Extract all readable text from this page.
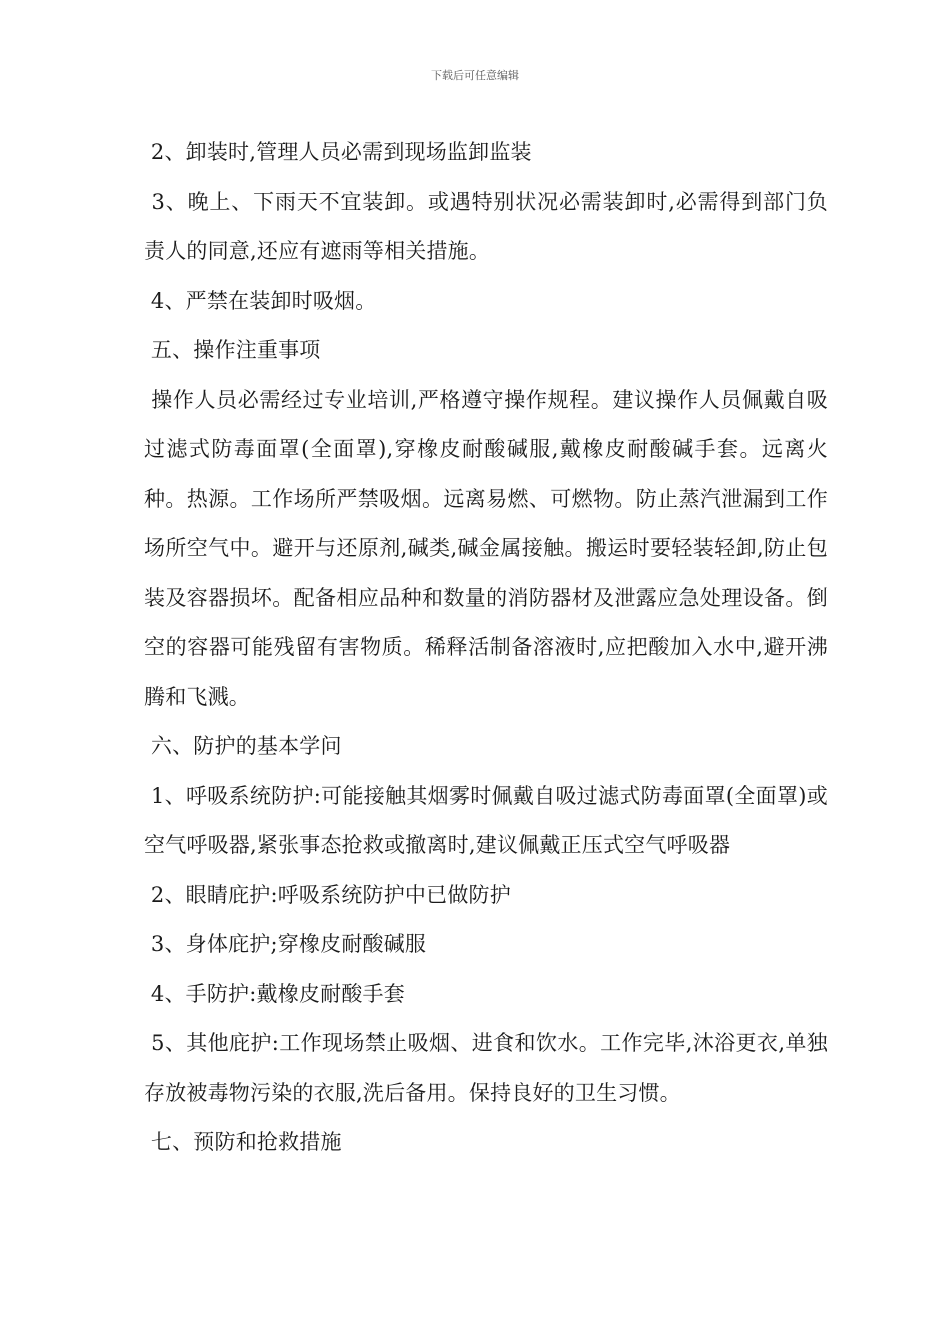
下载后可任意编辑

2、卸装时,管理人员必需到现场监卸监装

3、晚上、下雨天不宜装卸。或遇特别状况必需装卸时,必需得到部门负责人的同意,还应有遮雨等相关措施。

4、严禁在装卸时吸烟。

五、操作注重事项

操作人员必需经过专业培训,严格遵守操作规程。建议操作人员佩戴自吸过滤式防毒面罩(全面罩),穿橡皮耐酸碱服,戴橡皮耐酸碱手套。远离火种。热源。工作场所严禁吸烟。远离易燃、可燃物。防止蒸汽泄漏到工作场所空气中。避开与还原剂,碱类,碱金属接触。搬运时要轻装轻卸,防止包装及容器损坏。配备相应品种和数量的消防器材及泄露应急处理设备。倒空的容器可能残留有害物质。稀释活制备溶液时,应把酸加入水中,避开沸腾和飞溅。

六、防护的基本学问

1、呼吸系统防护:可能接触其烟雾时佩戴自吸过滤式防毒面罩(全面罩)或空气呼吸器,紧张事态抢救或撤离时,建议佩戴正压式空气呼吸器

2、眼睛庇护:呼吸系统防护中已做防护

3、身体庇护;穿橡皮耐酸碱服

4、手防护:戴橡皮耐酸手套

5、其他庇护:工作现场禁止吸烟、进食和饮水。工作完毕,沐浴更衣,单独存放被毒物污染的衣服,洗后备用。保持良好的卫生习惯。

七、预防和抢救措施
